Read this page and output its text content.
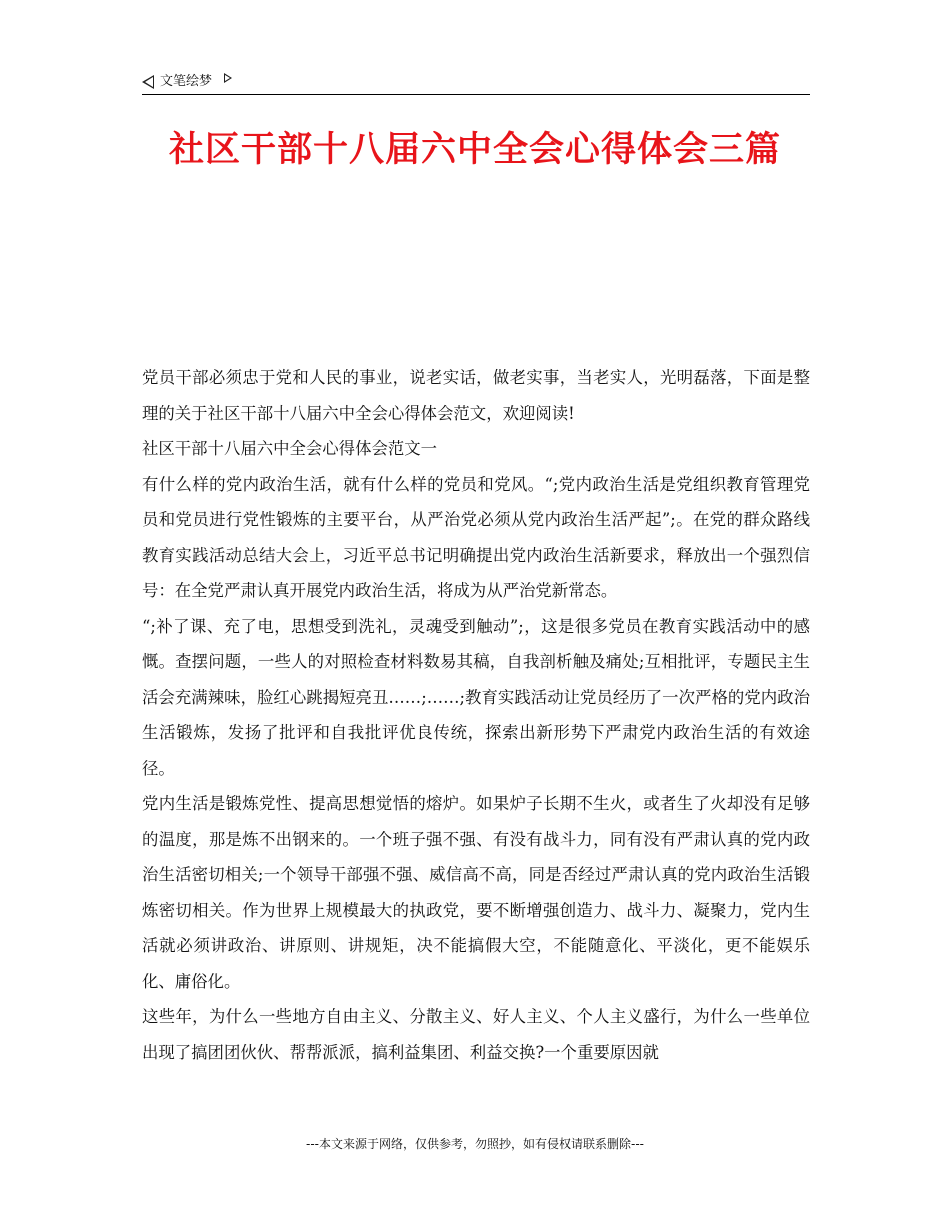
文笔绘梦
社区干部十八届六中全会心得体会三篇

党员干部必须忠于党和人民的事业，说老实话，做老实事，当老实人，光明磊落，下面是整理的关于社区干部十八届六中全会心得体会范文，欢迎阅读!

社区干部十八届六中全会心得体会范文一

有什么样的党内政治生活，就有什么样的党员和党风。“;党内政治生活是党组织教育管理党员和党员进行党性锻炼的主要平台，从严治党必须从党内政治生活严起”;。在党的群众路线教育实践活动总结大会上，习近平总书记明确提出党内政治生活新要求，释放出一个强烈信号：在全党严肃认真开展党内政治生活，将成为从严治党新常态。

“;补了课、充了电，思想受到洗礼，灵魂受到触动”;，这是很多党员在教育实践活动中的感慨。查摆问题，一些人的对照检查材料数易其稿，自我剖析触及痛处;互相批评，专题民主生活会充满辣味，脸红心跳揭短亮丑……;……;教育实践活动让党员经历了一次严格的党内政治生活锻炼，发扬了批评和自我批评优良传统，探索出新形势下严肃党内政治生活的有效途径。

党内生活是锻炼党性、提高思想觉悟的熔炉。如果炉子长期不生火，或者生了火却没有足够的温度，那是炼不出钢来的。一个班子强不强、有没有战斗力，同有没有严肃认真的党内政治生活密切相关;一个领导干部强不强、威信高不高，同是否经过严肃认真的党内政治生活锻炼密切相关。作为世界上规模最大的执政党，要不断增强创造力、战斗力、凝聚力，党内生活就必须讲政治、讲原则、讲规矩，决不能搞假大空，不能随意化、平淡化，更不能娱乐化、庸俗化。

这些年，为什么一些地方自由主义、分散主义、好人主义、个人主义盛行，为什么一些单位出现了搞团团伙伙、帮帮派派，搞利益集团、利益交换?一个重要原因就

---本文来源于网络，仅供参考，勿照抄，如有侵权请联系删除---
